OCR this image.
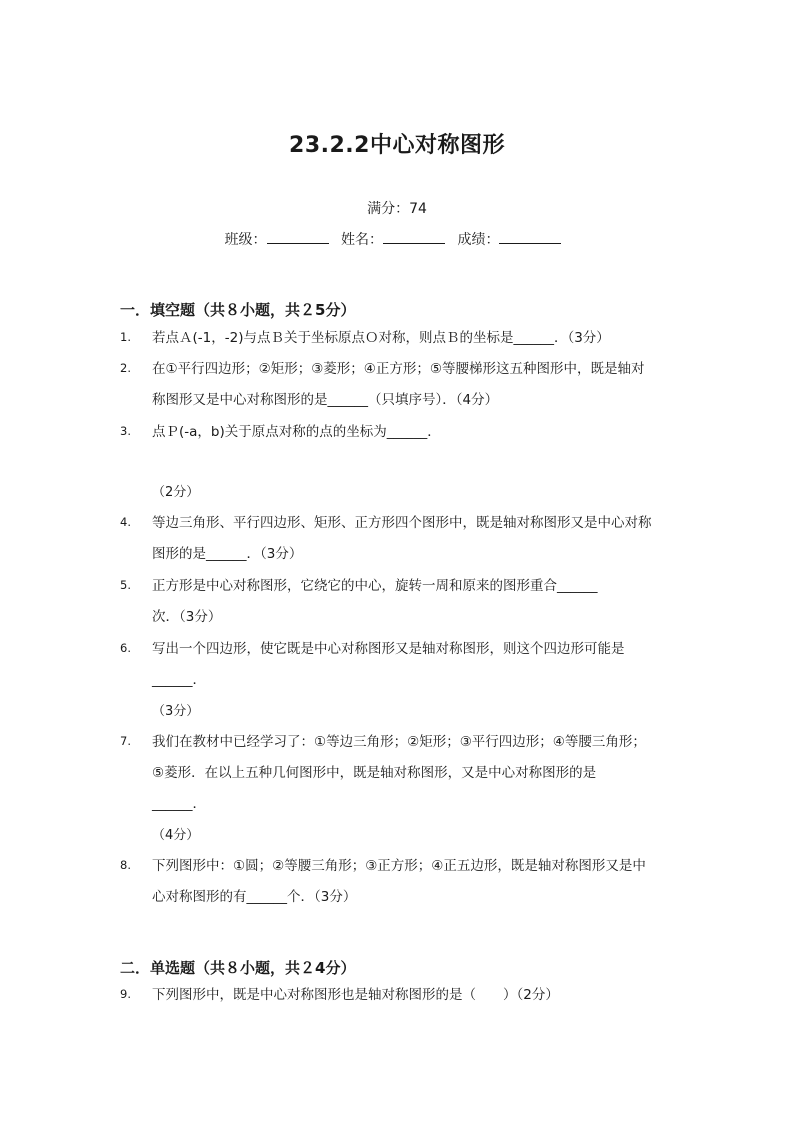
23.2.2中心对称图形
满分：74
班级：	姓名：	成绩：
一．填空题（共８小题，共２5分）
1.	若点Ａ(-1，-2)与点Ｂ关于坐标原点Ｏ对称，则点Ｂ的坐标是______．（3分）
2.	在①平行四边形；②矩形；③菱形；④正方形；⑤等腰梯形这五种图形中，既是轴对
称图形又是中心对称图形的是______（只填序号）．（4分）
3.	点Ｐ(-a，b)关于原点对称的点的坐标为______．
（2分）
4.	等边三角形、平行四边形、矩形、正方形四个图形中，既是轴对称图形又是中心对称
图形的是______．（3分）
5.	正方形是中心对称图形，它绕它的中心，旋转一周和原来的图形重合______
次．（3分）
6.	写出一个四边形，使它既是中心对称图形又是轴对称图形，则这个四边形可能是
______．
（3分）
7.	我们在教材中已经学习了：①等边三角形；②矩形；③平行四边形；④等腰三角形；
⑤菱形．在以上五种几何图形中，既是轴对称图形，又是中心对称图形的是
______．
（4分）
8.	下列图形中：①圆；②等腰三角形；③正方形；④正五边形，既是轴对称图形又是中
心对称图形的有______个．（3分）
二．单选题（共８小题，共２4分）
9.	下列图形中，既是中心对称图形也是轴对称图形的是（　　）（2分）
